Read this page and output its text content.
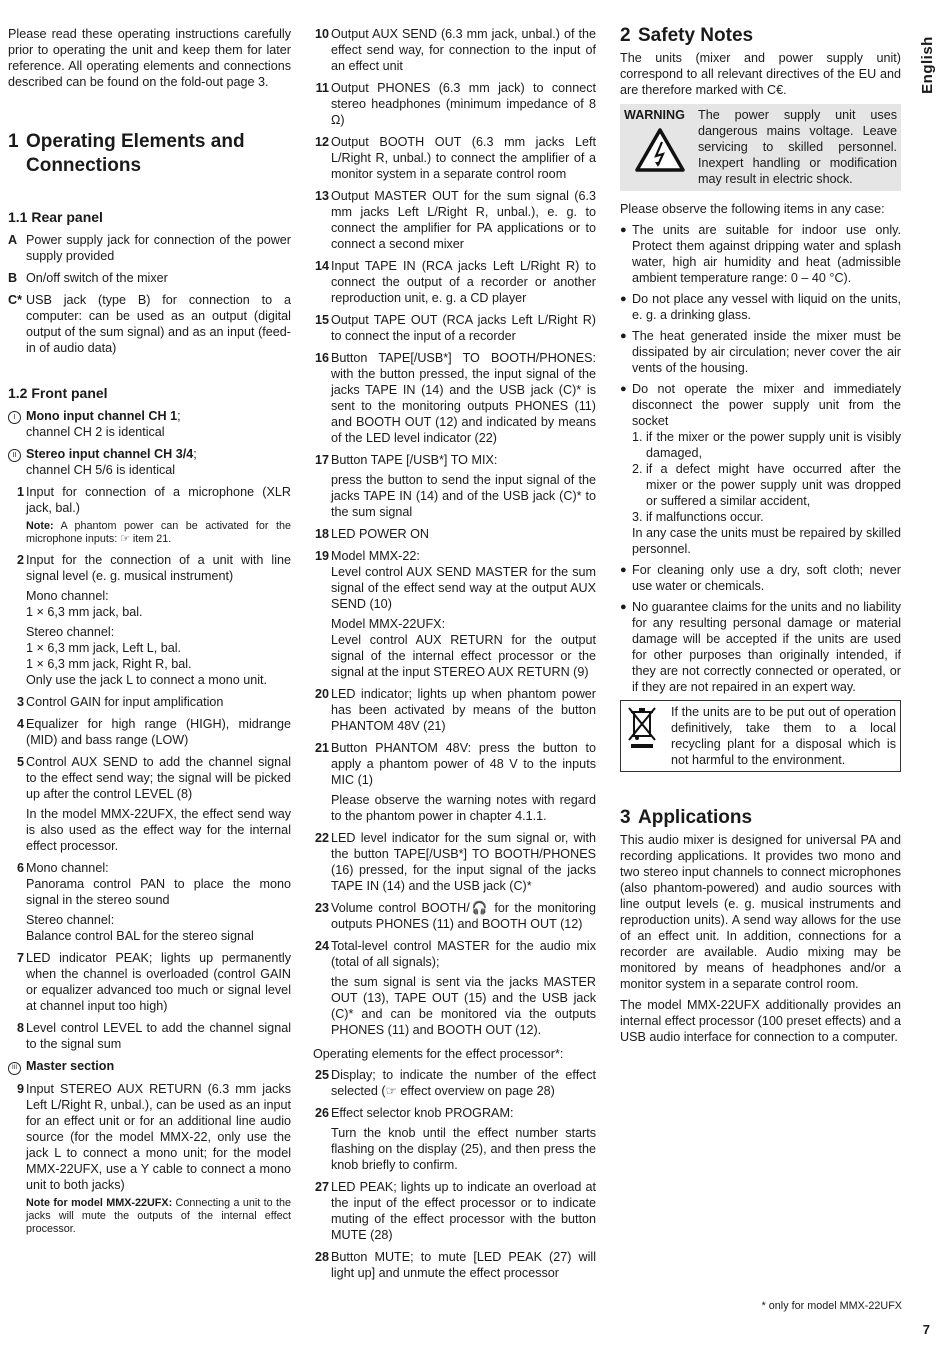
English

Please read these operating instructions carefully prior to operating the unit and keep them for later reference. All operating elements and connections described can be found on the fold-out page 3.

1 Operating Elements and Connections
1.1 Rear panel
A Power supply jack for connection of the power supply provided
B On/off switch of the mixer
C* USB jack (type B) for connection to a computer: can be used as an output (digital output of the sum signal) and as an input (feed-in of audio data)
1.2 Front panel
I Mono input channel CH 1;
channel CH 2 is identical
II Stereo input channel CH 3/4;
channel CH 5/6 is identical
1 Input for connection of a microphone (XLR jack, bal.)

Note: A phantom power can be activated for the microphone inputs: ☞ item 21.

2 Input for the connection of a unit with line signal level (e. g. musical instrument)

Mono channel:
1 × 6,3 mm jack, bal.

Stereo channel:
1 × 6,3 mm jack, Left L, bal.
1 × 6,3 mm jack, Right R, bal.
Only use the jack L to connect a mono unit.

3 Control GAIN for input amplification
4 Equalizer for high range (HIGH), midrange (MID) and bass range (LOW)
5 Control AUX SEND to add the channel signal to the effect send way; the signal will be picked up after the control LEVEL (8)

In the model MMX-22UFX, the effect send way is also used as the effect way for the internal effect processor.

6 Mono channel:
Panorama control PAN to place the mono signal in the stereo sound

Stereo channel:
Balance control BAL for the stereo signal

7 LED indicator PEAK; lights up permanently when the channel is overloaded (control GAIN or equalizer advanced too much or signal level at channel input too high)
8 Level control LEVEL to add the channel signal to the signal sum
III Master section
9 Input STEREO AUX RETURN (6.3 mm jacks Left L/Right R, unbal.), can be used as an input for an effect unit or for an additional line audio source (for the model MMX-22, only use the jack L to connect a mono unit; for the model MMX-22UFX, use a Y cable to connect a mono unit to both jacks)

Note for model MMX-22UFX: Connecting a unit to the jacks will mute the outputs of the internal effect processor.

10 Output AUX SEND (6.3 mm jack, unbal.) of the effect send way, for connection to the input of an effect unit
11 Output PHONES (6.3 mm jack) to connect stereo headphones (minimum impedance of 8 Ω)
12 Output BOOTH OUT (6.3 mm jacks Left L/Right R, unbal.) to connect the amplifier of a monitor system in a separate control room
13 Output MASTER OUT for the sum signal (6.3 mm jacks Left L/Right R, unbal.), e. g. to connect the amplifier for PA applications or to connect a second mixer
14 Input TAPE IN (RCA jacks Left L/Right R) to connect the output of a recorder or another reproduction unit, e. g. a CD player
15 Output TAPE OUT (RCA jacks Left L/Right R) to connect the input of a recorder
16 Button TAPE[/USB*] TO BOOTH/PHONES: with the button pressed, the input signal of the jacks TAPE IN (14) and the USB jack (C)* is sent to the monitoring outputs PHONES (11) and BOOTH OUT (12) and indicated by means of the LED level indicator (22)
17 Button TAPE [/USB*] TO MIX:

press the button to send the input signal of the jacks TAPE IN (14) and of the USB jack (C)* to the sum signal

18 LED POWER ON
19 Model MMX-22:
Level control AUX SEND MASTER for the sum signal of the effect send way at the output AUX SEND (10)

Model MMX-22UFX:
Level control AUX RETURN for the output signal of the internal effect processor or the signal at the input STEREO AUX RETURN (9)

20 LED indicator; lights up when phantom power has been activated by means of the button PHANTOM 48V (21)
21 Button PHANTOM 48V: press the button to apply a phantom power of 48 V to the inputs MIC (1)

Please observe the warning notes with regard to the phantom power in chapter 4.1.1.

22 LED level indicator for the sum signal or, with the button TAPE[/USB*] TO BOOTH/PHONES (16) pressed, for the input signal of the jacks TAPE IN (14) and the USB jack (C)*
23 Volume control BOOTH/🎧 for the monitoring outputs PHONES (11) and BOOTH OUT (12)
24 Total-level control MASTER for the audio mix (total of all signals);

the sum signal is sent via the jacks MASTER OUT (13), TAPE OUT (15) and the USB jack (C)* and can be monitored via the outputs PHONES (11) and BOOTH OUT (12).

Operating elements for the effect processor*:

25 Display; to indicate the number of the effect selected (☞ effect overview on page 28)
26 Effect selector knob PROGRAM:

Turn the knob until the effect number starts flashing on the display (25), and then press the knob briefly to confirm.

27 LED PEAK; lights up to indicate an overload at the input of the effect processor or to indicate muting of the effect processor with the button MUTE (28)
28 Button MUTE; to mute [LED PEAK (27) will light up] and unmute the effect processor
2 Safety Notes

The units (mixer and power supply unit) correspond to all relevant directives of the EU and are therefore marked with C€.

WARNING	The power supply unit uses dangerous mains voltage. Leave servicing to skilled personnel. Inexpert handling or modification may result in electric shock.

Please observe the following items in any case:

● The units are suitable for indoor use only. Protect them against dripping water and splash water, high air humidity and heat (admissible ambient temperature range: 0 – 40 °C).
● Do not place any vessel with liquid on the units, e. g. a drinking glass.
● The heat generated inside the mixer must be dissipated by air circulation; never cover the air vents of the housing.
● Do not operate the mixer and immediately disconnect the power supply unit from the socket
1. if the mixer or the power supply unit is visibly damaged,
2. if a defect might have occurred after the mixer or the power supply unit was dropped or suffered a similar accident,
3. if malfunctions occur.
In any case the units must be repaired by skilled personnel.
● For cleaning only use a dry, soft cloth; never use water or chemicals.
● No guarantee claims for the units and no liability for any resulting personal damage or material damage will be accepted if the units are used for other purposes than originally intended, if they are not correctly connected or operated, or if they are not repaired in an expert way.
If the units are to be put out of operation definitively, take them to a local recycling plant for a disposal which is not harmful to the environment.
3 Applications

This audio mixer is designed for universal PA and recording applications. It provides two mono and two stereo input channels to connect microphones (also phantom-powered) and audio sources with line output levels (e. g. musical instruments and reproduction units). A send way allows for the use of an effect unit. In addition, connections for a recorder are available. Audio mixing may be monitored by means of headphones and/or a monitor system in a separate control room.

The model MMX-22UFX additionally provides an internal effect processor (100 preset effects) and a USB audio interface for connection to a computer.

* only for model MMX-22UFX
7
